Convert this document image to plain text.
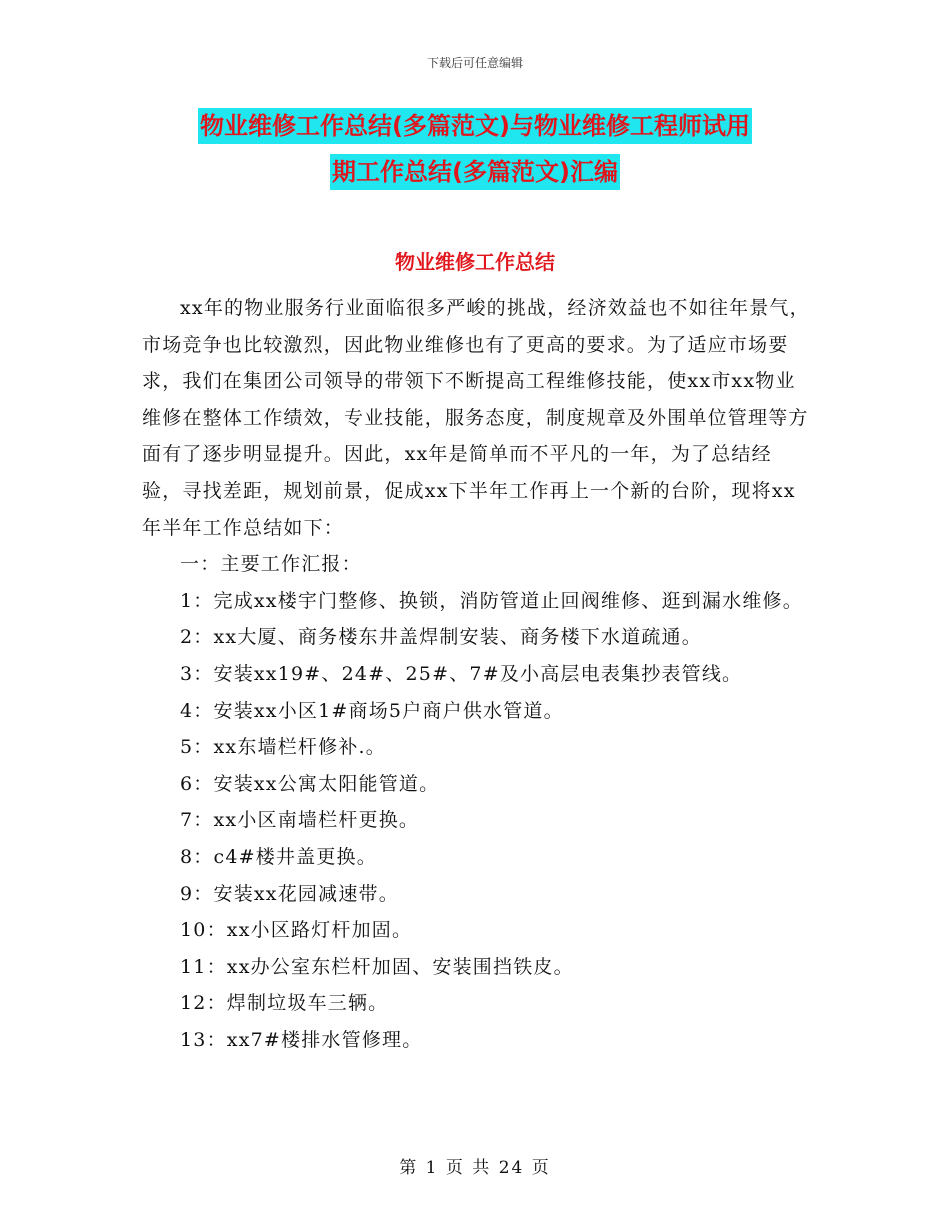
下载后可任意编辑
物业维修工作总结(多篇范文)与物业维修工程师试用
期工作总结(多篇范文)汇编
物业维修工作总结

xx年的物业服务行业面临很多严峻的挑战，经济效益也不如往年景气，市场竞争也比较激烈，因此物业维修也有了更高的要求。为了适应市场要求，我们在集团公司领导的带领下不断提高工程维修技能，使xx市xx物业维修在整体工作绩效，专业技能，服务态度，制度规章及外围单位管理等方面有了逐步明显提升。因此，xx年是简单而不平凡的一年，为了总结经验，寻找差距，规划前景，促成xx下半年工作再上一个新的台阶，现将xx年半年工作总结如下：

一：主要工作汇报：

1：完成xx楼宇门整修、换锁，消防管道止回阀维修、逛到漏水维修。

2：xx大厦、商务楼东井盖焊制安装、商务楼下水道疏通。

3：安装xx19#、24#、25#、7#及小高层电表集抄表管线。

4：安装xx小区1#商场5户商户供水管道。

5：xx东墙栏杆修补.。

6：安装xx公寓太阳能管道。

7：xx小区南墙栏杆更换。

8：c4#楼井盖更换。

9：安装xx花园减速带。

10：xx小区路灯杆加固。

11：xx办公室东栏杆加固、安装围挡铁皮。

12：焊制垃圾车三辆。

13：xx7#楼排水管修理。

第 1 页 共 24 页
